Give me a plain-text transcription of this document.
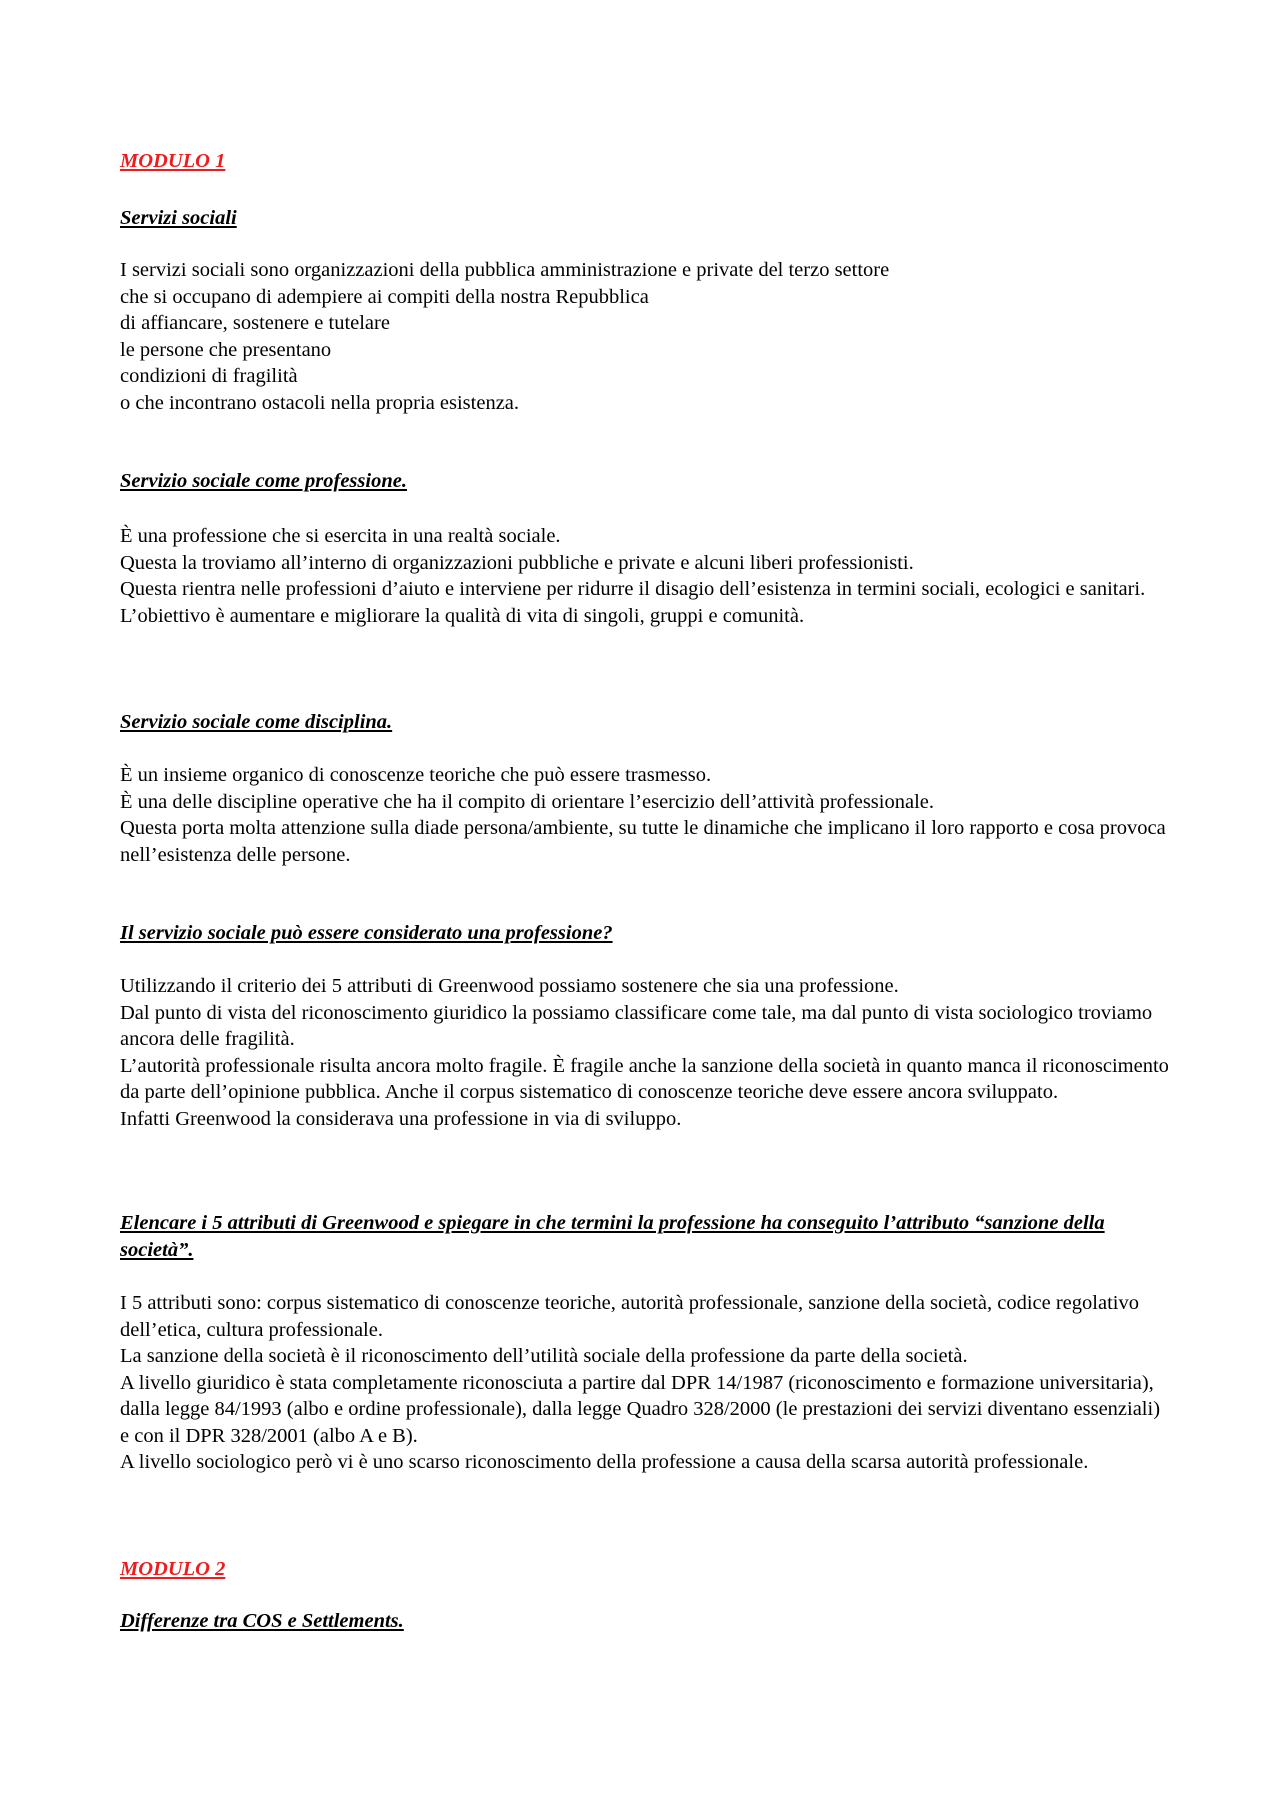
MODULO 1
Servizi sociali

I servizi sociali sono organizzazioni della pubblica amministrazione e private del terzo settore

che si occupano di adempiere ai compiti della nostra Repubblica

di affiancare, sostenere e tutelare

le persone che presentano

condizioni di fragilità

o che incontrano ostacoli nella propria esistenza.

Servizio sociale come professione.

È una professione che si esercita in una realtà sociale.

Questa la troviamo all’interno di organizzazioni pubbliche e private e alcuni liberi professionisti.

Questa rientra nelle professioni d’aiuto e interviene per ridurre il disagio dell’esistenza in termini sociali, ecologici e sanitari.

L’obiettivo è aumentare e migliorare la qualità di vita di singoli, gruppi e comunità.

Servizio sociale come disciplina.

È un insieme organico di conoscenze teoriche che può essere trasmesso.

È una delle discipline operative che ha il compito di orientare l’esercizio dell’attività professionale.

Questa porta molta attenzione sulla diade persona/ambiente, su tutte le dinamiche che implicano il loro rapporto e cosa provoca nell’esistenza delle persone.

Il servizio sociale può essere considerato una professione?

Utilizzando il criterio dei 5 attributi di Greenwood possiamo sostenere che sia una professione.

Dal punto di vista del riconoscimento giuridico la possiamo classificare come tale, ma dal punto di vista sociologico troviamo ancora delle fragilità.

L’autorità professionale risulta ancora molto fragile. È fragile anche la sanzione della società in quanto manca il riconoscimento da parte dell’opinione pubblica. Anche il corpus sistematico di conoscenze teoriche deve essere ancora sviluppato.

Infatti Greenwood la considerava una professione in via di sviluppo.

Elencare i 5 attributi di Greenwood e spiegare in che termini la professione ha conseguito l’attributo “sanzione della società”.

I 5 attributi sono: corpus sistematico di conoscenze teoriche, autorità professionale, sanzione della società, codice regolativo dell’etica, cultura professionale.

La sanzione della società è il riconoscimento dell’utilità sociale della professione da parte della società.

A livello giuridico è stata completamente riconosciuta a partire dal DPR 14/1987 (riconoscimento e formazione universitaria), dalla legge 84/1993 (albo e ordine professionale), dalla legge Quadro 328/2000 (le prestazioni dei servizi diventano essenziali) e con il DPR 328/2001 (albo A e B).

A livello sociologico però vi è uno scarso riconoscimento della professione a causa della scarsa autorità professionale.

MODULO 2
Differenze tra COS e Settlements.
